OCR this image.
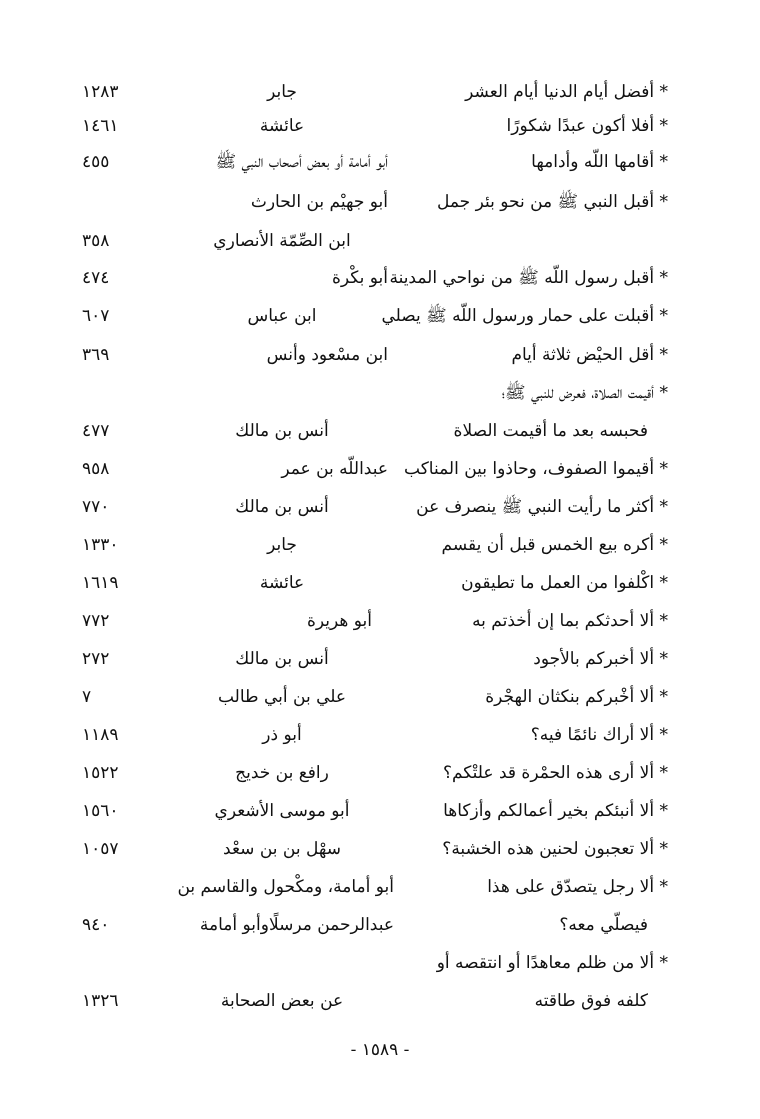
* أفضل أيام الدنيا أيام العشر
جابر
١٢٨٣
* أفلا أكون عبدًا شكورًا
عائشة
١٤٦١
* أقامها اللّه وأدامها
أبو أمامة أو بعض أصحاب النبي ﷺ
٤٥٥
* أقبل النبي ﷺ من نحو بئر جمل
أبو جهيْم بن الحارث
ابن الصِّمّة الأنصاري
٣٥٨
* أقبل رسول اللّه ﷺ من نواحي المدينة
أبو بكْرة
٤٧٤
* أقبلت على حمار ورسول اللّه ﷺ يصلي
ابن عباس
٦٠٧
* أقل الحيْض ثلاثة أيام
ابن مسْعود وأنس
٣٦٩
* أقيمت الصلاة، فعرض للنبي ﷺ؛
فحبسه بعد ما أقيمت الصلاة
أنس بن مالك
٤٧٧
* أقيموا الصفوف، وحاذوا بين المناكب
عبداللّه بن عمر
٩٥٨
* أكثر ما رأيت النبي ﷺ ينصرف عن
أنس بن مالك
٧٧٠
* أكره بيع الخمس قبل أن يقسم
جابر
١٣٣٠
* اكْلفوا من العمل ما تطيقون
عائشة
١٦١٩
* ألا أحدثكم بما إن أخذتم به
أبو هريرة
٧٧٢
* ألا أخبركم بالأجود
أنس بن مالك
٢٧٢
* ألا أخْبركم بنكثان الهجْرة
علي بن أبي طالب
٧
* ألا أراك نائمًا فيه؟
أبو ذر
١١٨٩
* ألا أرى هذه الحمْرة قد علتْكم؟
رافع بن خديج
١٥٢٢
* ألا أنبئكم بخير أعمالكم وأزكاها
أبو موسى الأشعري
١٥٦٠
* ألا تعجبون لحنين هذه الخشبة؟
سهْل بن بن سعْد
١٠٥٧
* ألا رجل يتصدّق على هذا
أبو أمامة، ومكْحول والقاسم بن
فيصلّي معه؟
عبدالرحمن مرسلًاوأبو أمامة
٩٤٠
* ألا من ظلم معاهدًا أو انتقصه أو
كلفه فوق طاقته
عن بعض الصحابة
١٣٢٦
- ١٥٨٩ -
